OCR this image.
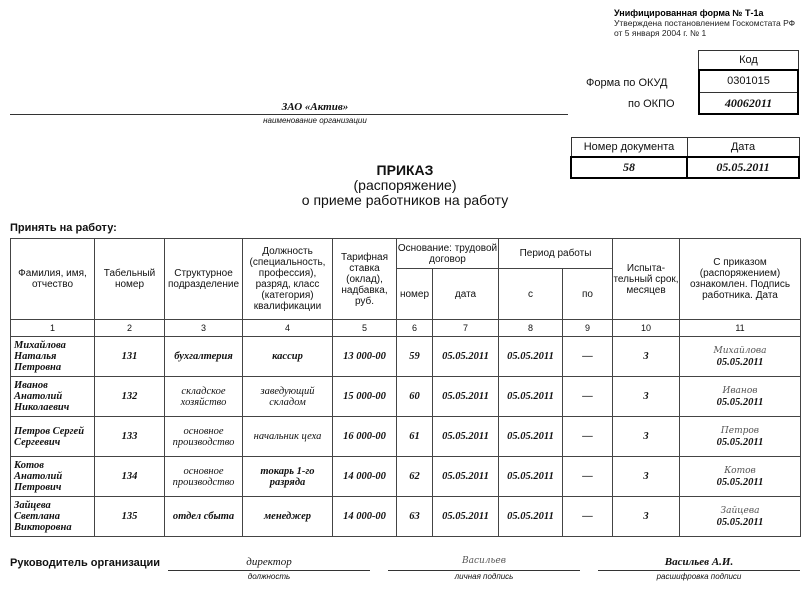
Унифицированная форма № Т-1а
Утверждена постановлением Госкомстата РФ
от 5 января 2004 г. № 1
Код
0301015
40062011
Форма по ОКУД
по ОКПО
ЗАО «Актив»
наименование организации
Номер документа	Дата
58	05.05.2011
ПРИКАЗ
(распоряжение)
о приеме работников на работу
Принять на работу:
Фамилия, имя, отчество	Табельный номер	Структурное подразделение	Должность (специальность, профессия), разряд, класс (категория) квалификации	Тарифная ставка (оклад), надбавка, руб.	Основание: трудовой договор		Период работы		Испыта-тельный срок, месяцев	С приказом (распоряжением) ознакомлен. Подпись работника. Дата
					номер	дата	с	по		
1	2	3	4	5	6	7	8	9	10	11
Михайлова Наталья Петровна	131	бухгалтерия	кассир	13 000-00	59	05.05.2011	05.05.2011	—	3	Михайлова
05.05.2011

Иванов Анатолий Николаевич	132	складское хозяйство	заведующий складом	15 000-00	60	05.05.2011	05.05.2011	—	3	Иванов
05.05.2011

Петров Сергей Сергеевич	133	основное производство	начальник цеха	16 000-00	61	05.05.2011	05.05.2011	—	3	Петров
05.05.2011

Котов Анатолий Петрович	134	основное производство	токарь 1-го разряда	14 000-00	62	05.05.2011	05.05.2011	—	3	Котов
05.05.2011

Зайцева Светлана Викторовна	135	отдел сбыта	менеджер	14 000-00	63	05.05.2011	05.05.2011	—	3	Зайцева
05.05.2011
Руководитель организации	директор
должность
Васильев
личная подпись
Васильев А.И.
расшифровка подписи
